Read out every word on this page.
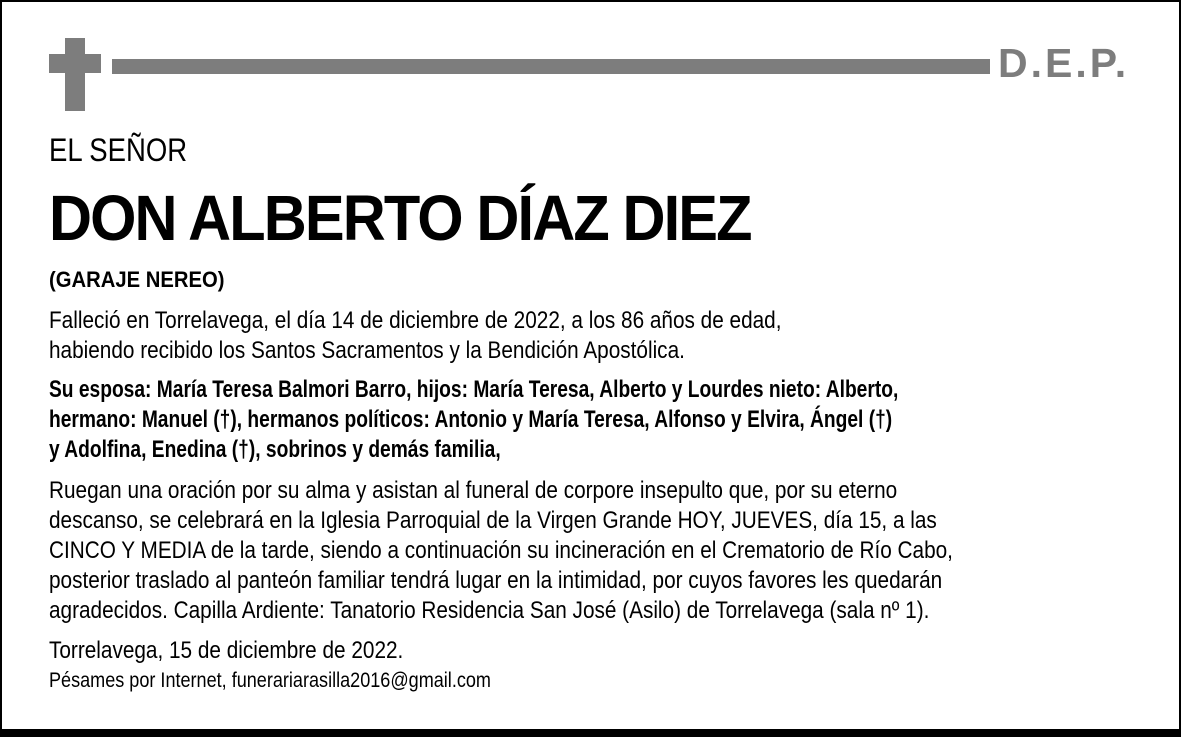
D.E.P.
EL SEÑOR
DON ALBERTO DÍAZ DIEZ
(GARAJE NEREO)
Falleció en Torrelavega, el día 14 de diciembre de 2022, a los 86 años de edad,
habiendo recibido los Santos Sacramentos y la Bendición Apostólica.
Su esposa: María Teresa Balmori Barro, hijos: María Teresa, Alberto y Lourdes nieto: Alberto,
hermano: Manuel (†), hermanos políticos: Antonio y María Teresa, Alfonso y Elvira, Ángel (†)
y Adolfina, Enedina (†), sobrinos y demás familia,
Ruegan una oración por su alma y asistan al funeral de corpore insepulto que, por su eterno
descanso, se celebrará en la Iglesia Parroquial de la Virgen Grande HOY, JUEVES, día 15, a las
CINCO Y MEDIA de la tarde, siendo a continuación su incineración en el Crematorio de Río Cabo,
posterior traslado al panteón familiar tendrá lugar en la intimidad, por cuyos favores les quedarán
agradecidos. Capilla Ardiente: Tanatorio Residencia San José (Asilo) de Torrelavega (sala nº 1).
Torrelavega, 15 de diciembre de 2022.
Pésames por Internet, funerariarasilla2016@gmail.com
